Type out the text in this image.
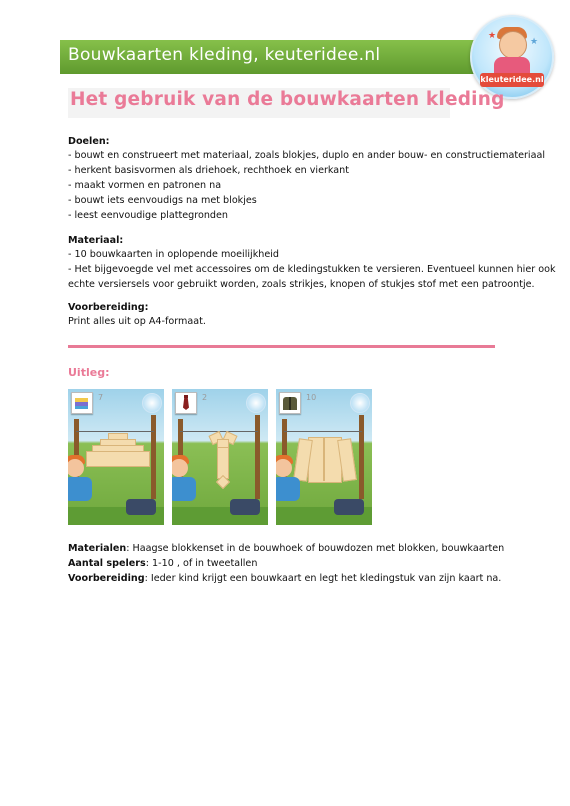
Bouwkaarten kleding, keuteridee.nl
★
★
kleuteridee.nl
Het gebruik van de bouwkaarten kleding
Doelen:
- bouwt en construeert met materiaal, zoals blokjes, duplo en ander bouw- en constructiemateriaal
- herkent basisvormen als driehoek, rechthoek en vierkant
- maakt vormen en patronen na
- bouwt iets eenvoudigs na met blokjes
- leest eenvoudige plattegronden
Materiaal:
- 10 bouwkaarten in oplopende moeilijkheid
- Het bijgevoegde vel met accessoires om de kledingstukken te versieren. Eventueel kunnen hier ook
echte versiersels voor gebruikt worden, zoals strikjes, knopen of stukjes stof met een patroontje.
Voorbereiding:
Print alles uit op A4-formaat.
Uitleg:
7	2	10
Materialen: Haagse blokkenset in de bouwhoek of bouwdozen met blokken, bouwkaarten
Aantal spelers: 1-10 , of in tweetallen
Voorbereiding: Ieder kind krijgt een bouwkaart en legt het kledingstuk van zijn kaart na.
